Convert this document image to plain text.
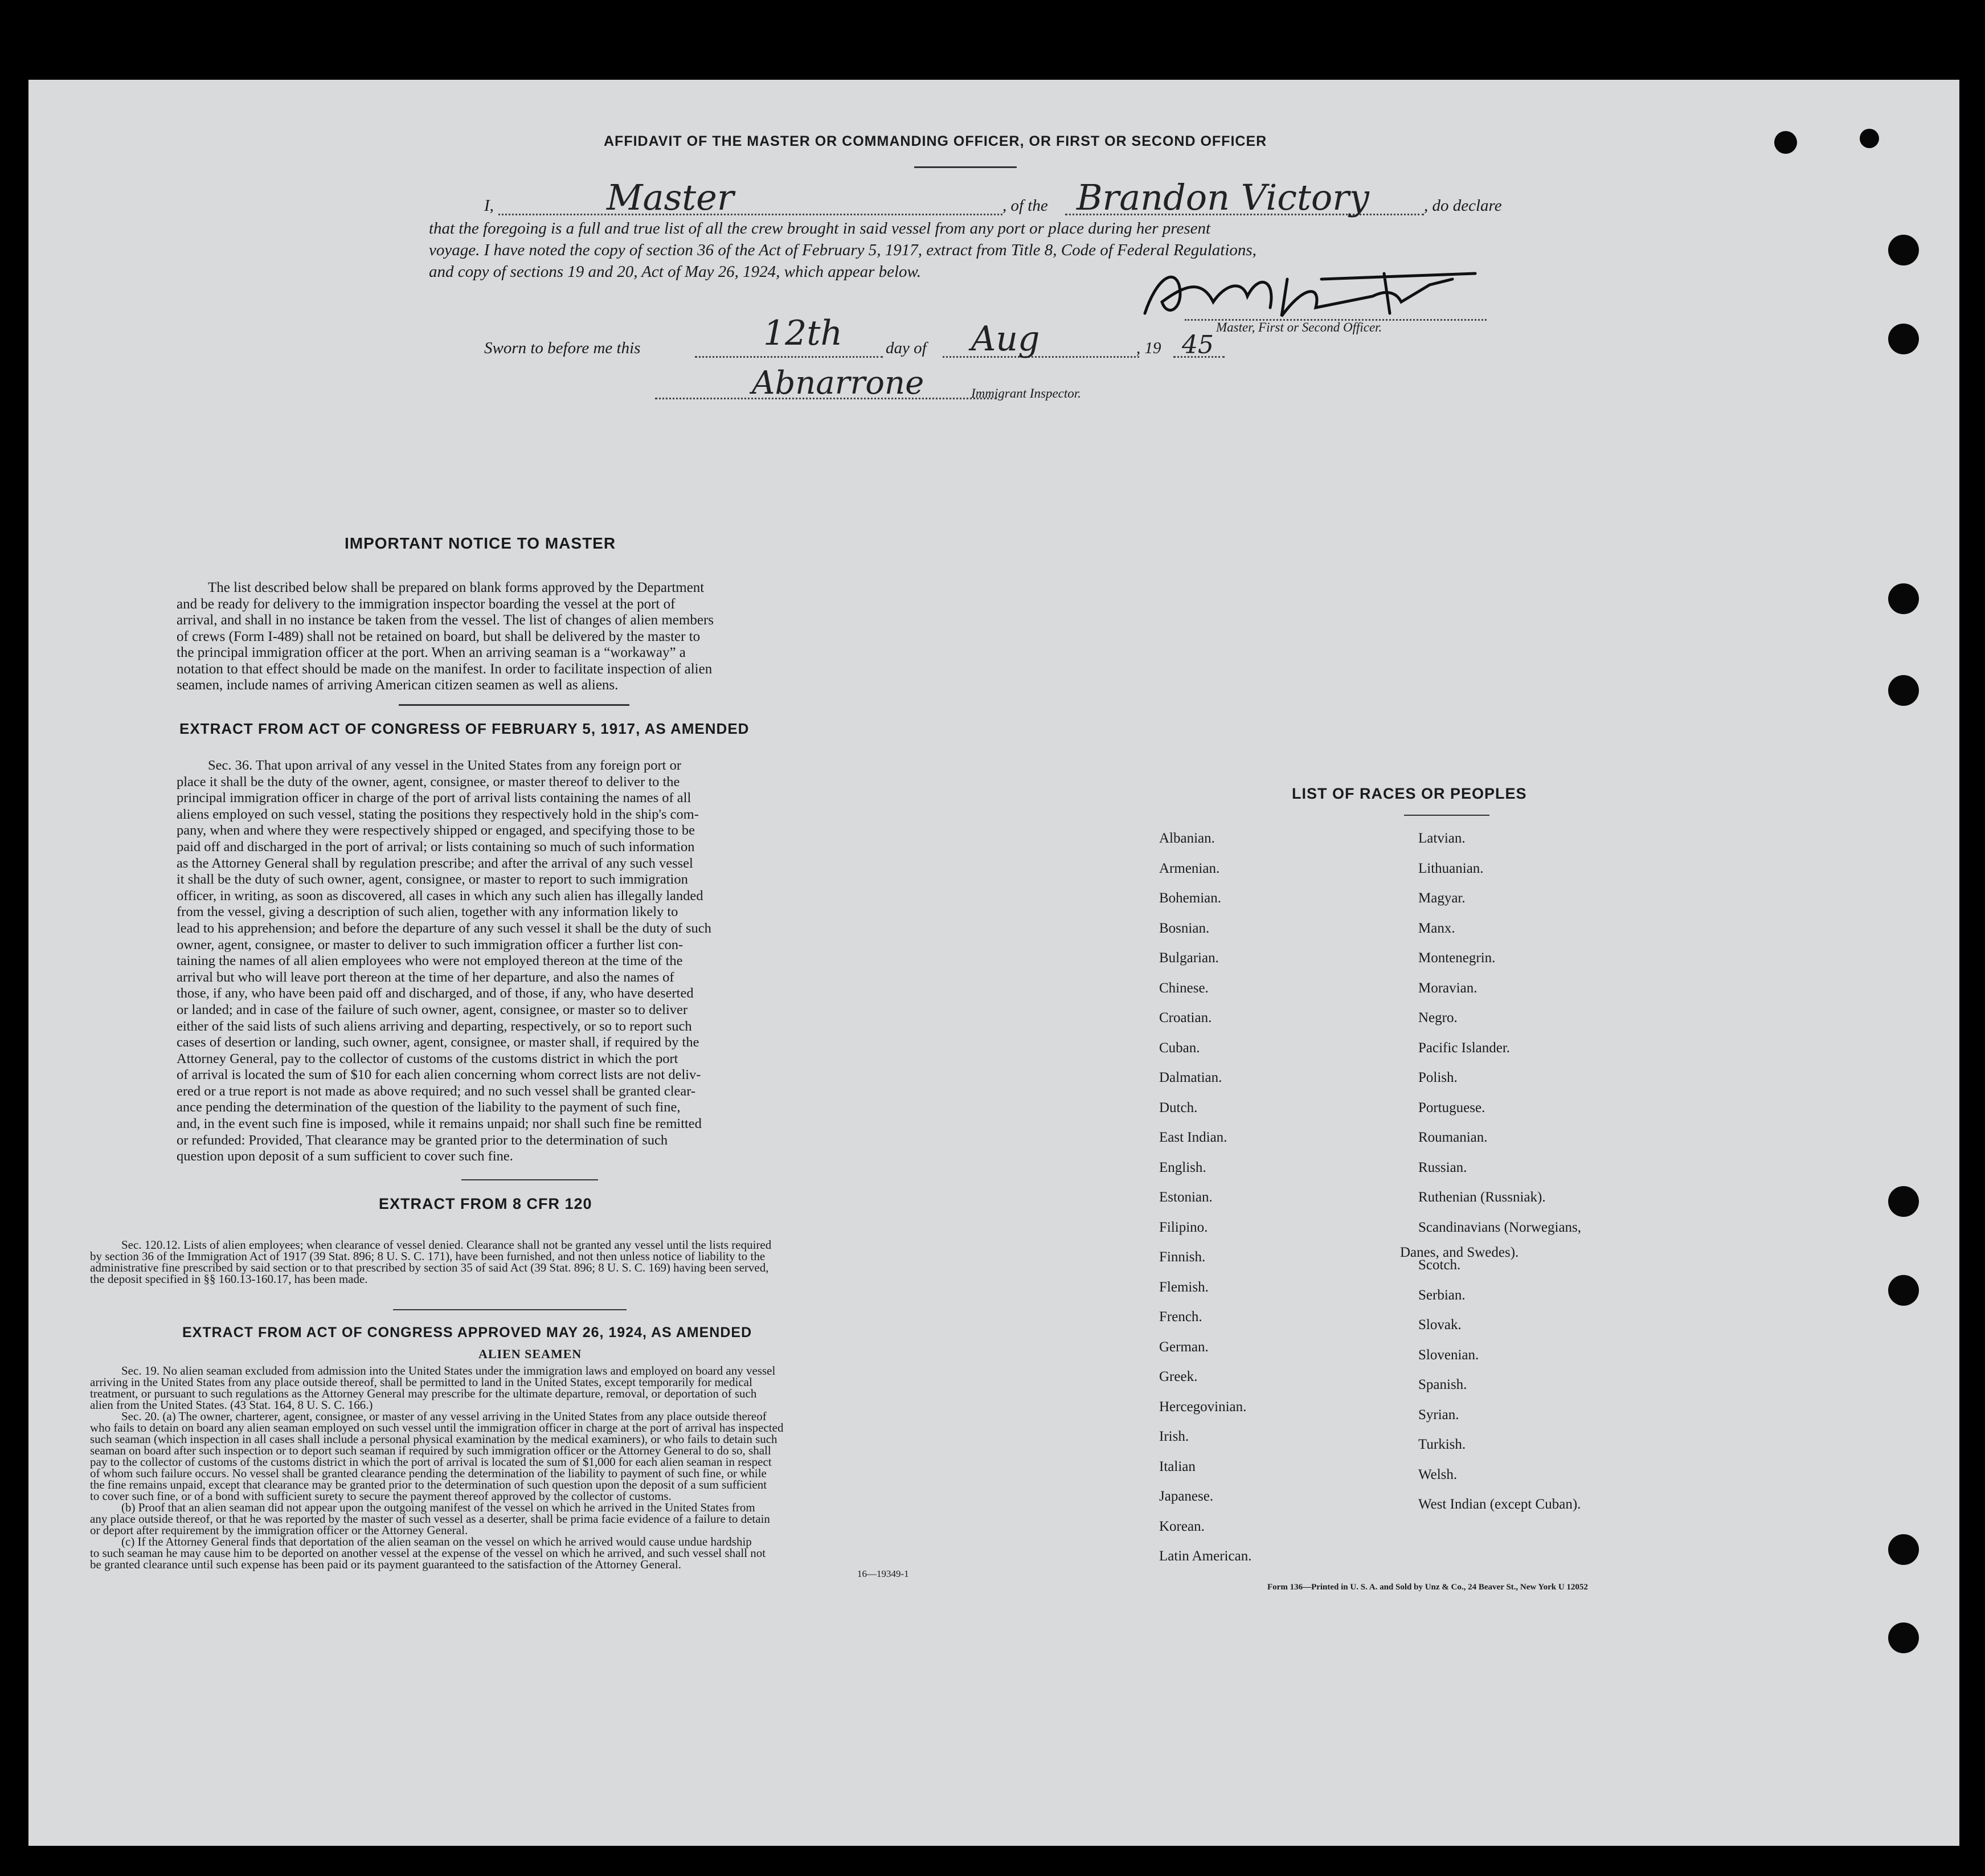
AFFIDAVIT OF THE MASTER OR COMMANDING OFFICER, OR FIRST OR SECOND OFFICER
I,	Master	, of the Brandon Victory	, do declare
that the foregoing is a full and true list of all the crew brought in said vessel from any port or place during her present
voyage. I have noted the copy of section 36 of the Act of February 5, 1917, extract from Title 8, Code of Federal Regulations,
and copy of sections 19 and 20, Act of May 26, 1924, which appear below.
Master, First or Second Officer.
Sworn to before me this	12th	day of Aug	, 19 45
Abnarrone	Immigrant Inspector.
IMPORTANT NOTICE TO MASTER
The list described below shall be prepared on blank forms approved by the Department
and be ready for delivery to the immigration inspector boarding the vessel at the port of
arrival, and shall in no instance be taken from the vessel. The list of changes of alien members
of crews (Form I-489) shall not be retained on board, but shall be delivered by the master to
the principal immigration officer at the port. When an arriving seaman is a “workaway” a
notation to that effect should be made on the manifest. In order to facilitate inspection of alien
seamen, include names of arriving American citizen seamen as well as aliens.
EXTRACT FROM ACT OF CONGRESS OF FEBRUARY 5, 1917, AS AMENDED
Sec. 36. That upon arrival of any vessel in the United States from any foreign port or
place it shall be the duty of the owner, agent, consignee, or master thereof to deliver to the
principal immigration officer in charge of the port of arrival lists containing the names of all
aliens employed on such vessel, stating the positions they respectively hold in the ship's com-
pany, when and where they were respectively shipped or engaged, and specifying those to be
paid off and discharged in the port of arrival; or lists containing so much of such information
as the Attorney General shall by regulation prescribe; and after the arrival of any such vessel
it shall be the duty of such owner, agent, consignee, or master to report to such immigration
officer, in writing, as soon as discovered, all cases in which any such alien has illegally landed
from the vessel, giving a description of such alien, together with any information likely to
lead to his apprehension; and before the departure of any such vessel it shall be the duty of such
owner, agent, consignee, or master to deliver to such immigration officer a further list con-
taining the names of all alien employees who were not employed thereon at the time of the
arrival but who will leave port thereon at the time of her departure, and also the names of
those, if any, who have been paid off and discharged, and of those, if any, who have deserted
or landed; and in case of the failure of such owner, agent, consignee, or master so to deliver
either of the said lists of such aliens arriving and departing, respectively, or so to report such
cases of desertion or landing, such owner, agent, consignee, or master shall, if required by the
Attorney General, pay to the collector of customs of the customs district in which the port
of arrival is located the sum of $10 for each alien concerning whom correct lists are not deliv-
ered or a true report is not made as above required; and no such vessel shall be granted clear-
ance pending the determination of the question of the liability to the payment of such fine,
and, in the event such fine is imposed, while it remains unpaid; nor shall such fine be remitted
or refunded: Provided, That clearance may be granted prior to the determination of such
question upon deposit of a sum sufficient to cover such fine.
EXTRACT FROM 8 CFR 120
Sec. 120.12. Lists of alien employees; when clearance of vessel denied. Clearance shall not be granted any vessel until the lists required
by section 36 of the Immigration Act of 1917 (39 Stat. 896; 8 U. S. C. 171), have been furnished, and not then unless notice of liability to the
administrative fine prescribed by said section or to that prescribed by section 35 of said Act (39 Stat. 896; 8 U. S. C. 169) having been served,
the deposit specified in §§ 160.13-160.17, has been made.
EXTRACT FROM ACT OF CONGRESS APPROVED MAY 26, 1924, AS AMENDED
ALIEN SEAMEN
Sec. 19. No alien seaman excluded from admission into the United States under the immigration laws and employed on board any vessel
arriving in the United States from any place outside thereof, shall be permitted to land in the United States, except temporarily for medical
treatment, or pursuant to such regulations as the Attorney General may prescribe for the ultimate departure, removal, or deportation of such
alien from the United States. (43 Stat. 164, 8 U. S. C. 166.)
Sec. 20. (a) The owner, charterer, agent, consignee, or master of any vessel arriving in the United States from any place outside thereof
who fails to detain on board any alien seaman employed on such vessel until the immigration officer in charge at the port of arrival has inspected
such seaman (which inspection in all cases shall include a personal physical examination by the medical examiners), or who fails to detain such
seaman on board after such inspection or to deport such seaman if required by such immigration officer or the Attorney General to do so, shall
pay to the collector of customs of the customs district in which the port of arrival is located the sum of $1,000 for each alien seaman in respect
of whom such failure occurs. No vessel shall be granted clearance pending the determination of the liability to payment of such fine, or while
the fine remains unpaid, except that clearance may be granted prior to the determination of such question upon the deposit of a sum sufficient
to cover such fine, or of a bond with sufficient surety to secure the payment thereof approved by the collector of customs.
(b) Proof that an alien seaman did not appear upon the outgoing manifest of the vessel on which he arrived in the United States from
any place outside thereof, or that he was reported by the master of such vessel as a deserter, shall be prima facie evidence of a failure to detain
or deport after requirement by the immigration officer or the Attorney General.
(c) If the Attorney General finds that deportation of the alien seaman on the vessel on which he arrived would cause undue hardship
to such seaman he may cause him to be deported on another vessel at the expense of the vessel on which he arrived, and such vessel shall not
be granted clearance until such expense has been paid or its payment guaranteed to the satisfaction of the Attorney General.
16—19349-1
LIST OF RACES OR PEOPLES
Form 136—Printed in U. S. A. and Sold by Unz & Co., 24 Beaver St., New York U 12052
Albanian.
Armenian.
Bohemian.
Bosnian.
Bulgarian.
Chinese.
Croatian.
Cuban.
Dalmatian.
Dutch.
East Indian.
English.
Estonian.
Filipino.
Finnish.
Flemish.
French.
German.
Greek.
Hercegovinian.
Irish.
Italian
Japanese.
Korean.
Latin American.
Latvian.
Lithuanian.
Magyar.
Manx.
Montenegrin.
Moravian.
Negro.
Pacific Islander.
Polish.
Portuguese.
Roumanian.
Russian.
Ruthenian (Russniak).
Scandinavians (Norwegians,
Danes, and Swedes).
Scotch.
Serbian.
Slovak.
Slovenian.
Spanish.
Syrian.
Turkish.
Welsh.
West Indian (except Cuban).
